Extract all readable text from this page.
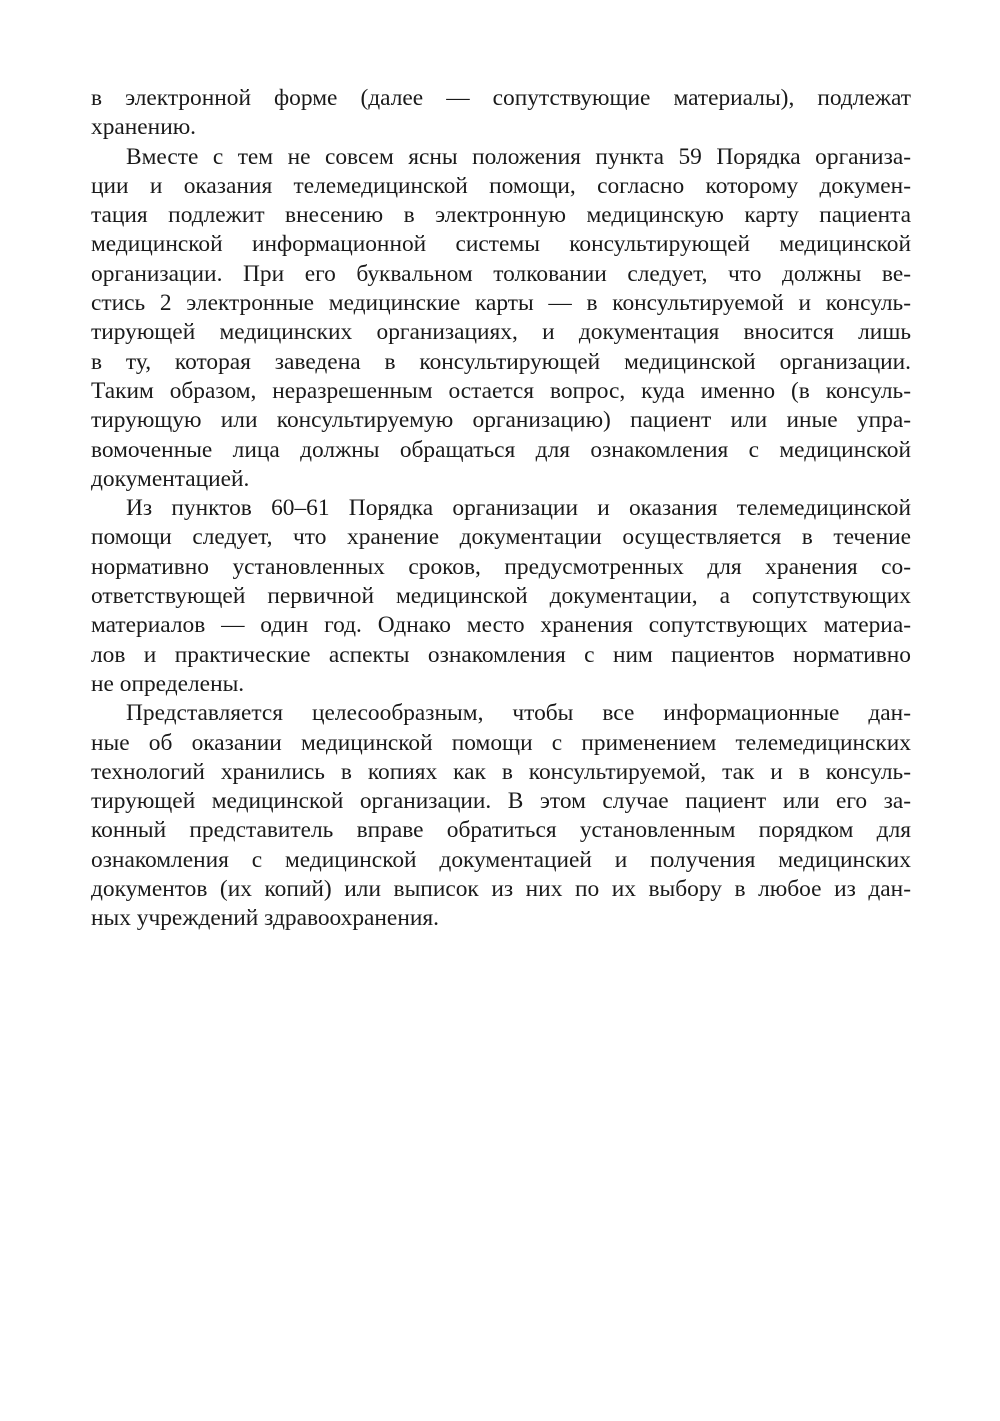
в электронной форме (далее — сопутствующие материалы), подлежат
хранению.
Вместе с тем не совсем ясны положения пункта 59 Порядка организа-
ции и оказания телемедицинской помощи, согласно которому докумен-
тация подлежит внесению в электронную медицинскую карту пациента
медицинской информационной системы консультирующей медицинской
организации. При его буквальном толковании следует, что должны ве-
стись 2 электронные медицинские карты — в консультируемой и консуль-
тирующей медицинских организациях, и документация вносится лишь
в ту, которая заведена в консультирующей медицинской организации.
Таким образом, неразрешенным остается вопрос, куда именно (в консуль-
тирующую или консультируемую организацию) пациент или иные упра-
вомоченные лица должны обращаться для ознакомления с медицинской
документацией.
Из пунктов 60–61 Порядка организации и оказания телемедицинской
помощи следует, что хранение документации осуществляется в течение
нормативно установленных сроков, предусмотренных для хранения со-
ответствующей первичной медицинской документации, а сопутствующих
материалов — один год. Однако место хранения сопутствующих материа-
лов и практические аспекты ознакомления с ним пациентов нормативно
не определены.
Представляется целесообразным, чтобы все информационные дан-
ные об оказании медицинской помощи с применением телемедицинских
технологий хранились в копиях как в консультируемой, так и в консуль-
тирующей медицинской организации. В этом случае пациент или его за-
конный представитель вправе обратиться установленным порядком для
ознакомления с медицинской документацией и получения медицинских
документов (их копий) или выписок из них по их выбору в любое из дан-
ных учреждений здравоохранения.
